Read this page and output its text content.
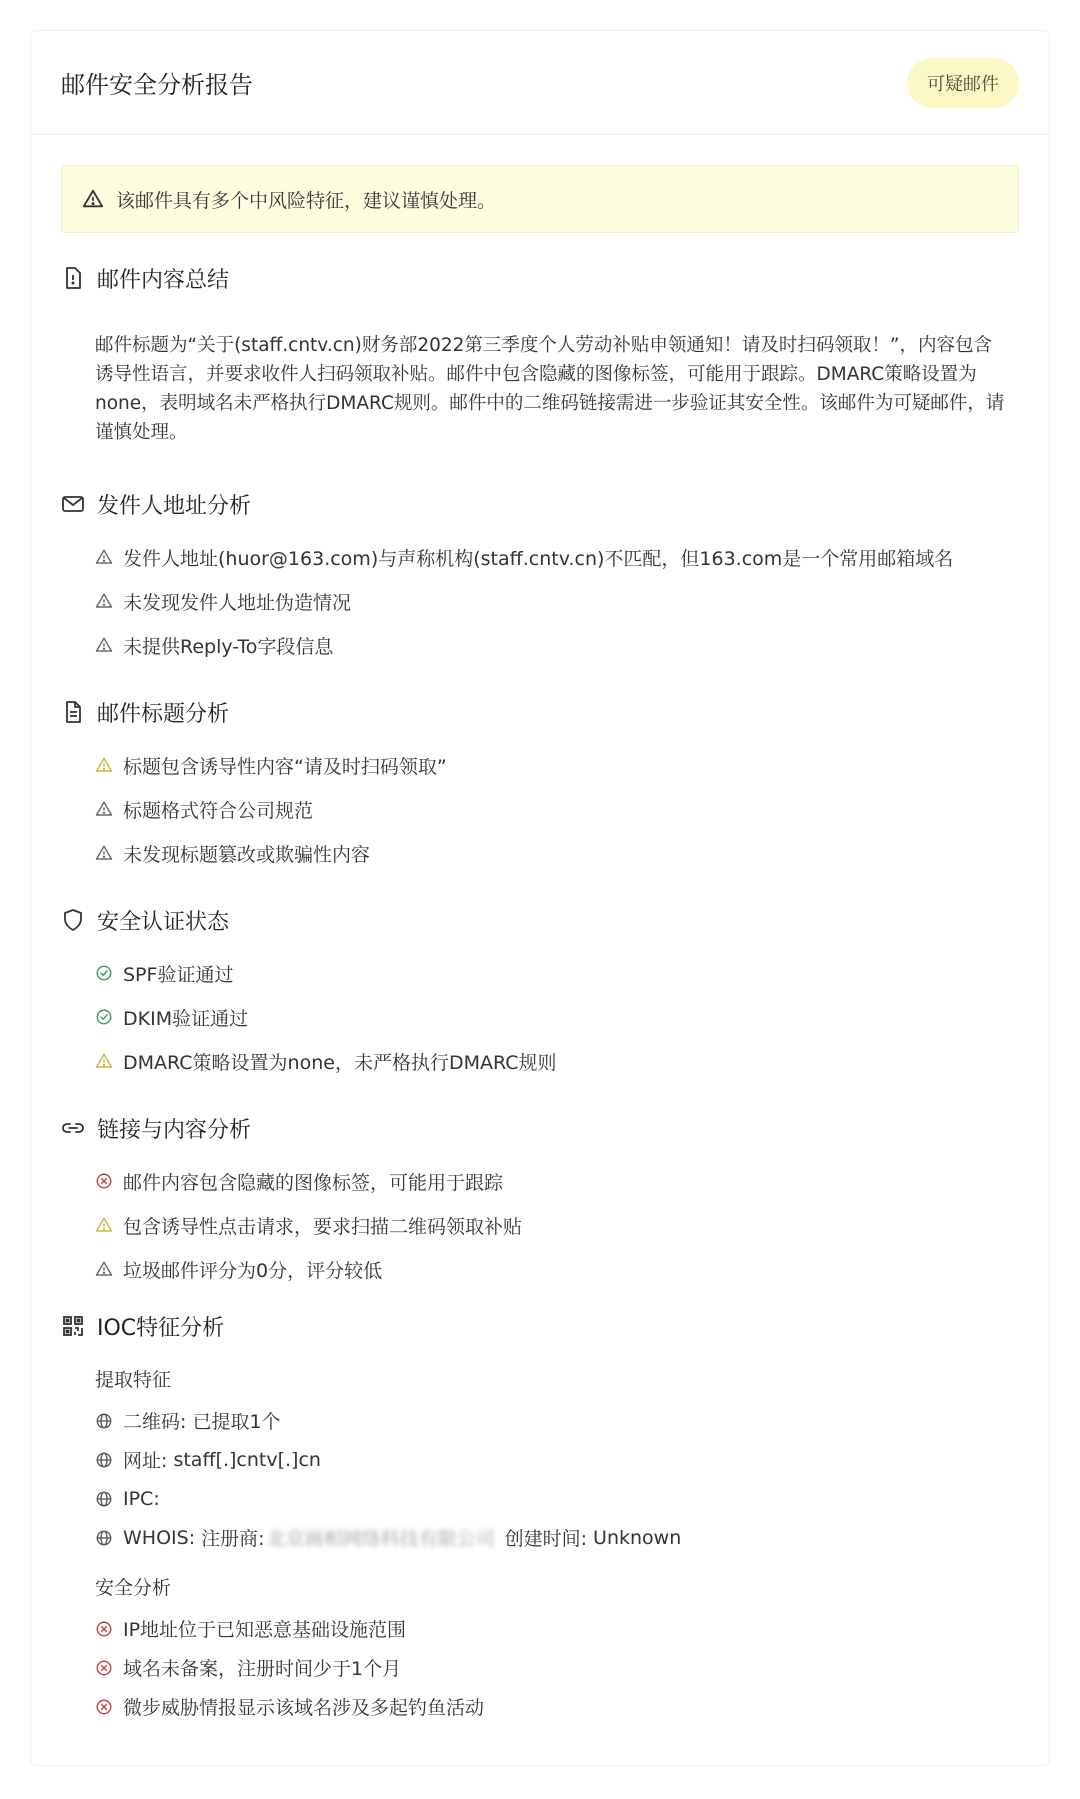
邮件安全分析报告	可疑邮件
该邮件具有多个中风险特征，建议谨慎处理。
邮件内容总结
邮件标题为“关于(staff.cntv.cn)财务部2022第三季度个人劳动补贴申领通知！请及时扫码领取！”，内容包含诱导性语言，并要求收件人扫码领取补贴。邮件中包含隐藏的图像标签，可能用于跟踪。DMARC策略设置为none，表明域名未严格执行DMARC规则。邮件中的二维码链接需进一步验证其安全性。该邮件为可疑邮件，请谨慎处理。
发件人地址分析
发件人地址(huor@163.com)与声称机构(staff.cntv.cn)不匹配，但163.com是一个常用邮箱域名
未发现发件人地址伪造情况
未提供Reply-To字段信息
邮件标题分析
标题包含诱导性内容“请及时扫码领取”
标题格式符合公司规范
未发现标题篡改或欺骗性内容
安全认证状态
SPF验证通过
DKIM验证通过
DMARC策略设置为none，未严格执行DMARC规则
链接与内容分析
邮件内容包含隐藏的图像标签，可能用于跟踪
包含诱导性点击请求，要求扫描二维码领取补贴
垃圾邮件评分为0分，评分较低
IOC特征分析
提取特征
二维码:
已提取1个
网址:
staff[.]cntv[.]cn
IPC:
WHOIS:
注册商: 北京画相网络科技有限公司 创建时间:
Unknown
安全分析
IP地址位于已知恶意基础设施范围
域名未备案，注册时间少于1个月
微步威胁情报显示该域名涉及多起钓鱼活动
